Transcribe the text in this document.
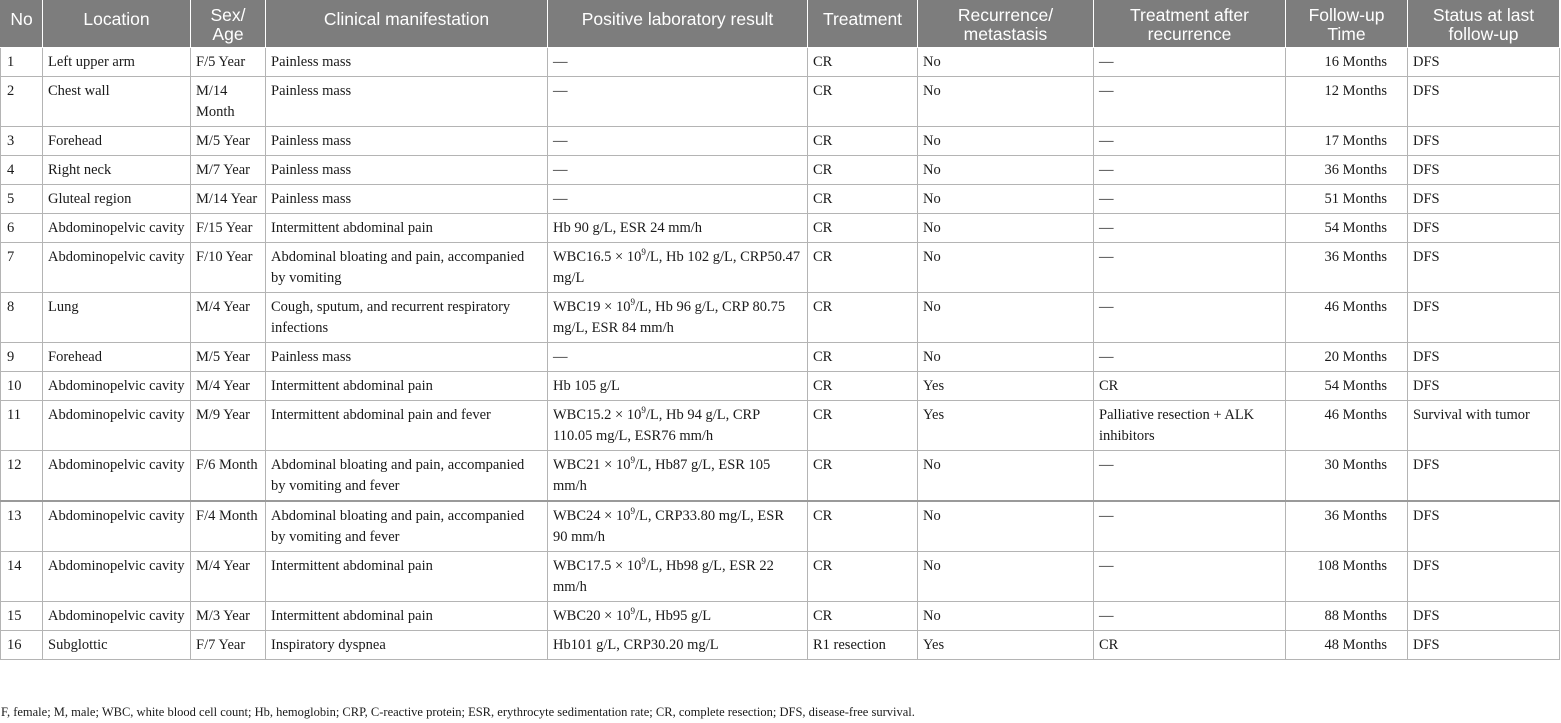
No	Location	Sex/
Age	Clinical manifestation	Positive laboratory result	Treatment	Recurrence/
metastasis	Treatment after
recurrence	Follow-up
Time	Status at last
follow-up
1	Left upper arm	F/5 Year	Painless mass	—	CR	No	—	16 Months	DFS
2	Chest wall	M/14 Month	Painless mass	—	CR	No	—	12 Months	DFS
3	Forehead	M/5 Year	Painless mass	—	CR	No	—	17 Months	DFS
4	Right neck	M/7 Year	Painless mass	—	CR	No	—	36 Months	DFS
5	Gluteal region	M/14 Year	Painless mass	—	CR	No	—	51 Months	DFS
6	Abdominopelvic cavity	F/15 Year	Intermittent abdominal pain	Hb 90 g/L, ESR 24 mm/h	CR	No	—	54 Months	DFS
7	Abdominopelvic cavity	F/10 Year	Abdominal bloating and pain, accompanied by vomiting	$WBC16.5 \times 10^9/L$, Hb 102 g/L, CRP50.47 mg/L	CR	No	—	36 Months	DFS
8	Lung	M/4 Year	Cough, sputum, and recurrent respiratory infections	$WBC19 \times 10^9/L$, Hb 96 g/L, CRP 80.75 mg/L, ESR 84 mm/h	CR	No	—	46 Months	DFS
9	Forehead	M/5 Year	Painless mass	—	CR	No	—	20 Months	DFS
10	Abdominopelvic cavity	M/4 Year	Intermittent abdominal pain	Hb 105 g/L	CR	Yes	CR	54 Months	DFS
11	Abdominopelvic cavity	M/9 Year	Intermittent abdominal pain and fever	$WBC15.2 \times 10^9/L$, Hb 94 g/L, CRP 110.05 mg/L, ESR76 mm/h	CR	Yes	Palliative resection + ALK inhibitors	46 Months	Survival with tumor
12	Abdominopelvic cavity	F/6 Month	Abdominal bloating and pain, accompanied by vomiting and fever	$WBC21 \times 10^9/L$, Hb87 g/L, ESR 105 mm/h	CR	No	—	30 Months	DFS
13	Abdominopelvic cavity	F/4 Month	Abdominal bloating and pain, accompanied by vomiting and fever	$WBC24 \times 10^9/L$, CRP33.80 mg/L, ESR 90 mm/h	CR	No	—	36 Months	DFS
14	Abdominopelvic cavity	M/4 Year	Intermittent abdominal pain	$WBC17.5 \times 10^9/L$, Hb98 g/L, ESR 22 mm/h	CR	No	—	108 Months	DFS
15	Abdominopelvic cavity	M/3 Year	Intermittent abdominal pain	$WBC20 \times 10^9/L$, Hb95 g/L	CR	No	—	88 Months	DFS
16	Subglottic	F/7 Year	Inspiratory dyspnea	Hb101 g/L, CRP30.20 mg/L	R1 resection	Yes	CR	48 Months	DFS
F, female; M, male; WBC, white blood cell count; Hb, hemoglobin; CRP, C-reactive protein; ESR, erythrocyte sedimentation rate; CR, complete resection; DFS, disease-free survival.
